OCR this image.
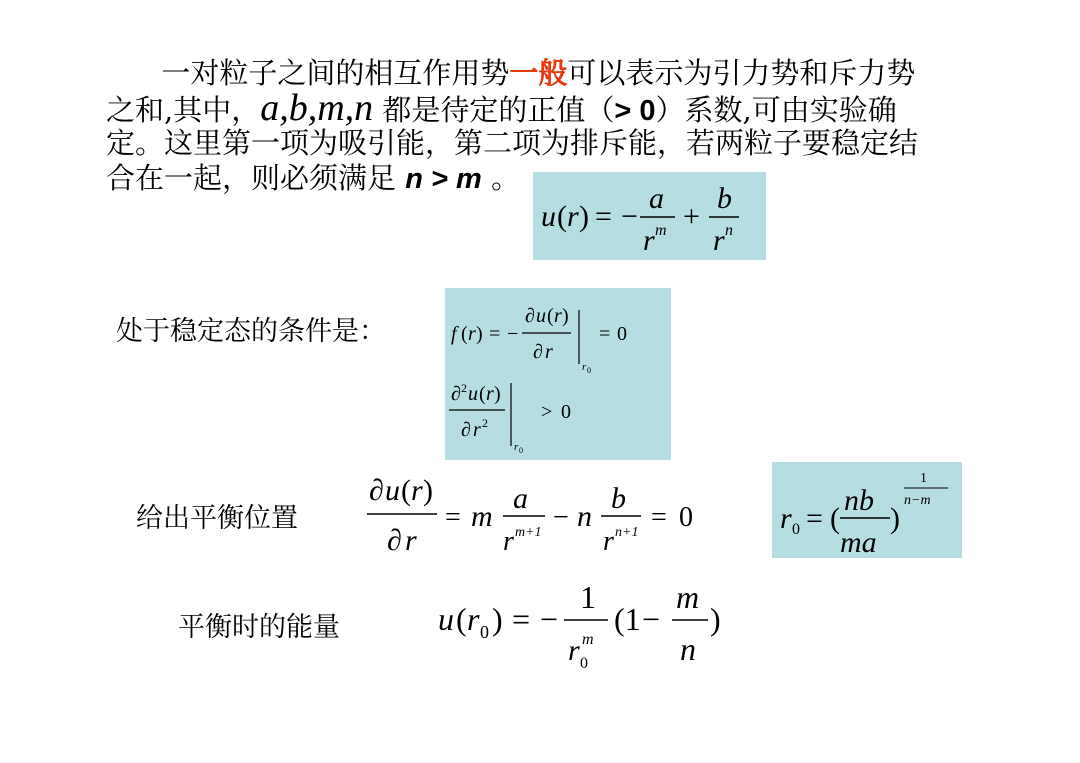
一对粒子之间的相互作用势一般可以表示为引力势和斥力势
之和,其中，a,b,m,n 都是待定的正值（> 0）系数,可由实验确
定。这里第一项为吸引能，第二项为排斥能，若两粒子要稳定结
合在一起，则必须满足 n > m 。
u ( r ) = −
a
r m +
b
r n
处于稳定态的条件是：	f ( r ) = −
∂ u ( r )
∂ r
r 0
= 0
∂ 2 u ( r )
∂ r 2
r 0
> 0
给出平衡位置
∂ u ( r )
∂ r
= m
a
r m+1 − n
b
r n+1 = 0	r 0 = (
nb
ma
)
1
n−m
平衡时的能量	u ( r 0 ) = −
1
r 0
m
(1 −
m
n
)
